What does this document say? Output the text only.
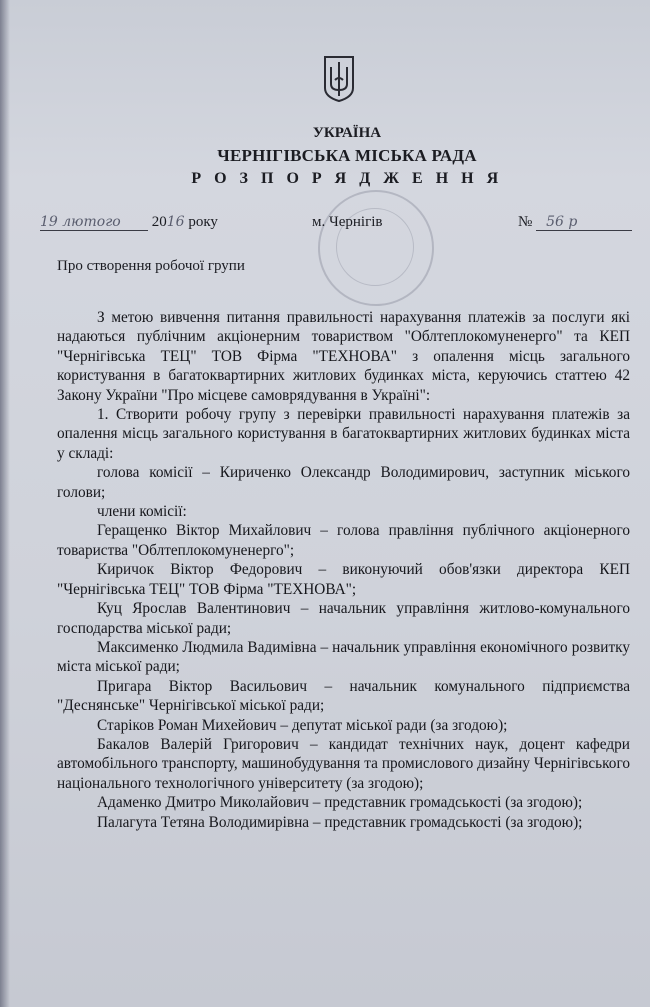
УКРАЇНА
ЧЕРНІГІВСЬКА МІСЬКА РАДА
Р О З П О Р Я Д Ж Е Н Н Я
19 лютого 2016 року	м. Чернігів	№ 56 р
Про створення робочої групи

З метою вивчення питання правильності нарахування платежів за послуги які надаються публічним акціонерним товариством "Облтеплокомуненерго" та КЕП "Чернігівська ТЕЦ" ТОВ Фірма "ТЕХНОВА" з опалення місць загального користування в багатоквартирних житлових будинках міста, керуючись статтею 42 Закону України "Про місцеве самоврядування в Україні":

1. Створити робочу групу з перевірки правильності нарахування платежів за опалення місць загального користування в багатоквартирних житлових будинках міста у складі:

голова комісії – Кириченко Олександр Володимирович, заступник міського голови;

члени комісії:

Геращенко Віктор Михайлович – голова правління публічного акціонерного товариства "Облтеплокомуненерго";

Киричок Віктор Федорович – виконуючий обов'язки директора КЕП "Чернігівська ТЕЦ" ТОВ Фірма "ТЕХНОВА";

Куц Ярослав Валентинович – начальник управління житлово-комунального господарства міської ради;

Максименко Людмила Вадимівна – начальник управління економічного розвитку міста міської ради;

Пригара Віктор Васильович – начальник комунального підприємства "Деснянське" Чернігівської міської ради;

Старіков Роман Михейович – депутат міської ради (за згодою);

Бакалов Валерій Григорович – кандидат технічних наук, доцент кафедри автомобільного транспорту, машинобудування та промислового дизайну Чернігівського національного технологічного університету (за згодою);

Адаменко Дмитро Миколайович – представник громадськості (за згодою);

Палагута Тетяна Володимирівна – представник громадськості (за згодою);
